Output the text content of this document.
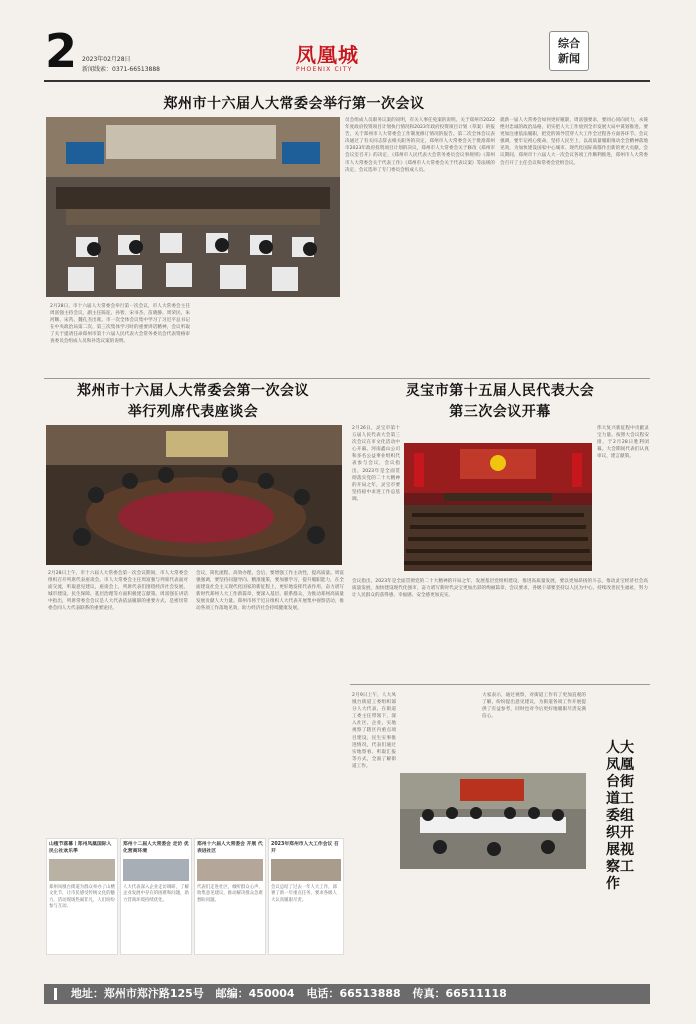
2 2023年02月28日
新闻线索：0371-66513888
凤凰城
PHOENIX CITY
综合新闻
郑州市十六届人大常委会举行第一次会议
2月28日，市十六届人大常委会举行第一次会议，市人大常委会主任周富强主持会议，副主任陈征、孙智、宋书杰、苗晓静、周荣民、朱河顺、宋芮、魏孔杰出席。市一次全体会议集中学习了习近平总书记在中央政治局第二次、第三次集体学习时的重要讲话精神，会议听取了关于提请任命郑州市第十六届人民代表大会常务委员会代表资格审查委员会组成人员和补选议案的说明。
员会组成人员职务议案的说明，有关人事任免案的说明。关于郑州市2022年度政府投资项目计划执行情况和2023年政府投资项目计划（草案）的报告，关于郑州市人大常委会工作制度修订情况的报告。第二次全体会议表决通过了有关同志辞去相关职务的决定，郑州市人大常委会关于批准郑州市2023年政府投资项目计划的决议，郑州市人大常委会关于修改《郑州市会议室召开》的决定，《郑州市人民代表大会常务委员会议事规则》《郑州市人大常委会关于代表工作》《郑州市人大常委会关于代表议案》等法规的决定，会议选举了专门委员会组成人员。
就新一届人大常委会如何更好履职，周富强要求，要同心同向同力，永葆绝对忠诚的政治品格，切实把人大工作放到全市发展大局中谋划推进。要更加注重依法履职，把党的领导贯穿人大工作全过程各方面各环节。会议强调，要牢记初心使命，坚持人民至上，以高质量履职推动全会精神落地见效，为加快建设国家中心城市、现代化国际商都作出新的更大贡献。会议期间，郑州市十六届人大一次会议各项工作顺利推进，郑州市人大常委会召开了主任会议和常委会党组会议。
郑州市十六届人大常委会第一次会议
举行列席代表座谈会
2月28日上午，市十六届人大常委会第一次会议期间，市人大常委会组织召开列席代表座谈会。市人大常委会主任周富强与列席代表面对面交流，听取意见建议，座谈会上，列席代表们围绕经济社会发展、城市建设、民生保障、基层治理等方面积极建言献策。周富强在讲话中指出，列席常委会会议是人大代表依法履职的重要方式，是密切常委会同人大代表联系的重要途径。
会议，简化流程、高效办理，会后，要增强工作主动性，提高质量。周富强强调，要坚持问题导向、精准施策，要加强学习，提升履职能力，在全面建设社会主义现代化国家的新征程上，更好地发挥代表作用，奋力谱写新时代郑州人大工作新篇章，要深入基层、联系群众，为推动郑州高质量发展贡献人大力量。郑州市将于近日组织人大代表开展集中视察活动，推动各项工作落地见效，助力经济社会持续健康发展。
灵宝市第十五届人民代表大会
第三次会议开幕
2月26日，灵宝市第十五届人民代表大会第三次会议在市文化活动中心开幕。河南鑫山公司和多名公益事业组织代表参与会议，会议指出，2023年是全面贯彻落实党的二十大精神的开局之年，灵宝市要坚持稳中求进工作总基调。
伟大复兴新征程中贡献灵宝力量。按照大会议程安排，于2月28日胜利闭幕。大会期间代表们认真审议，建言献策。
会议指出，2023年是全面贯彻党的二十大精神的开局之年，发展基层党组织建设，推进高质量发展，要以更加昂扬的斗志，推动灵宝经济社会高质量发展，加快建设现代化强市，奋力谱写新时代灵宝更加出彩的绚丽篇章，会议要求，各级干部要坚持以人民为中心，持续改善民生福祉，努力让人民群众的获得感、幸福感、安全感更加充实。
2月9日上午，人大凤凰台街道工委组织部分人大代表，在街道工委主任带领下，深入社区、企业，实地视察了辖区内重点项目建设、民生实事推进情况，代表们通过实地察看、听取汇报等方式，全面了解街道工作。
大家表示，通过视察，对街道工作有了更加直观的了解，纷纷提出意见建议，为街道各项工作开展提供了有益参考，同时也对今后更好地履职尽责充满信心。
人大凤凰台街道工委组织开展视察工作
山楂节落幕丨郑州凤凰国际人民公社欢乐季
郑州凤凰台街道为群众举办了山楂文化节，让市民感受传统文化的魅力，活动现场热闹非凡，人们纷纷参与互动。
郑州十二届人大常委会 走访 优化营商环境
人大代表深入企业走访调研，了解企业发展中存在的困难和问题，助力营商环境持续优化。
郑州十六届人大常委会 开展 代表进社区
代表们走进社区，倾听群众心声，收集意见建议，推动解决群众急难愁盼问题。
2023年郑州市人大工作会议 召开
会议总结了过去一年人大工作，部署了新一年重点任务，要求各级人大认真履职尽责。
地址：郑州市郑汴路125号 邮编：450004 电话：66513888 传真：66511118
